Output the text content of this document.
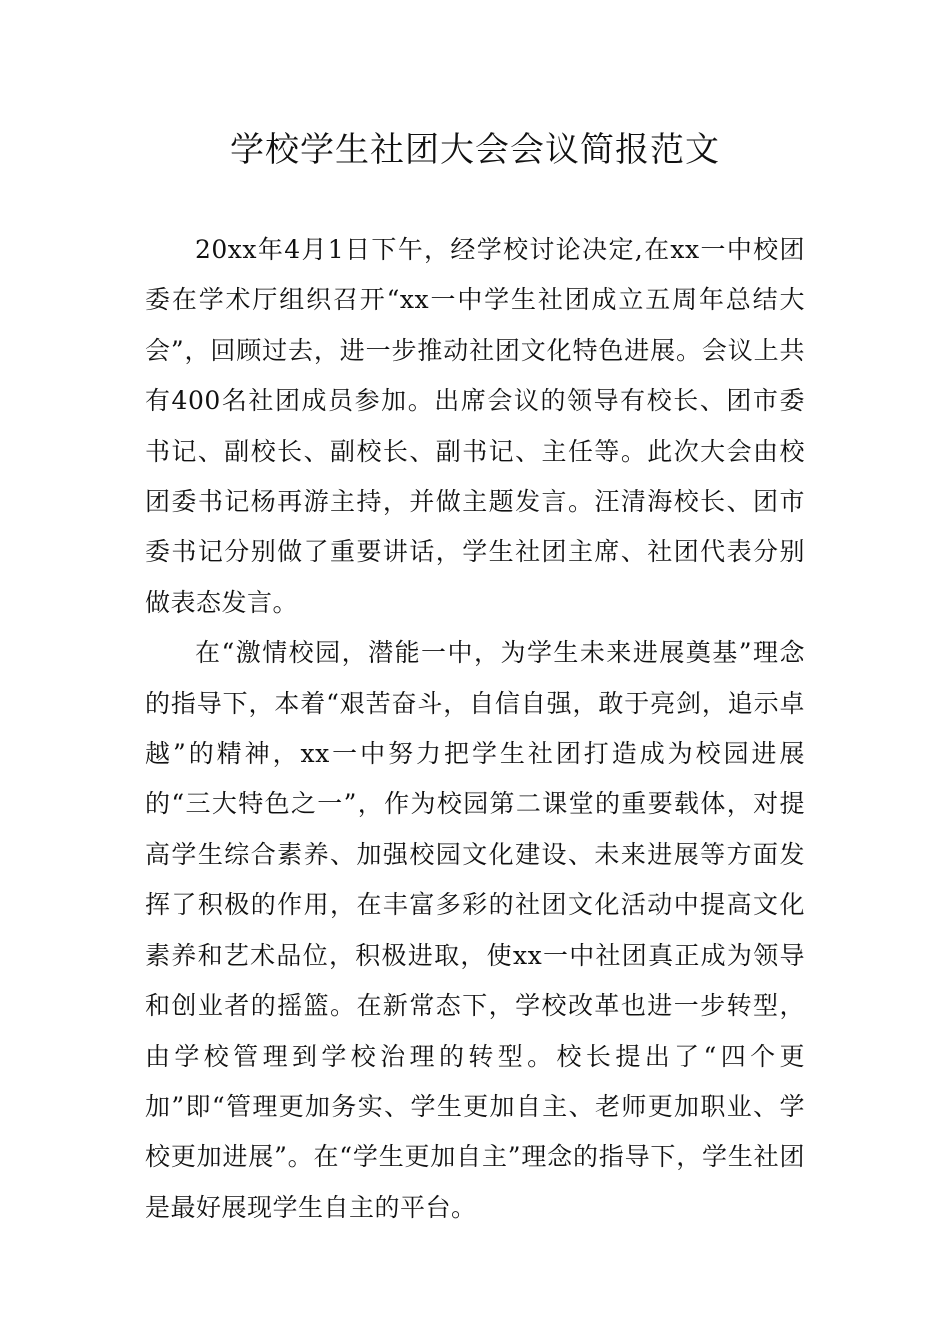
学校学生社团大会会议简报范文

20xx年4月1日下午，经学校讨论决定,在xx一中校团委在学术厅组织召开“xx一中学生社团成立五周年总结大会”，回顾过去，进一步推动社团文化特色进展。会议上共有400名社团成员参加。出席会议的领导有校长、团市委书记、副校长、副校长、副书记、主任等。此次大会由校团委书记杨再游主持，并做主题发言。汪清海校长、团市委书记分别做了重要讲话，学生社团主席、社团代表分别做表态发言。

在“激情校园，潜能一中，为学生未来进展奠基”理念的指导下，本着“艰苦奋斗，自信自强，敢于亮剑，追示卓越”的精神，xx一中努力把学生社团打造成为校园进展的“三大特色之一”，作为校园第二课堂的重要载体，对提高学生综合素养、加强校园文化建设、未来进展等方面发挥了积极的作用，在丰富多彩的社团文化活动中提高文化素养和艺术品位，积极进取，使xx一中社团真正成为领导和创业者的摇篮。在新常态下，学校改革也进一步转型，由学校管理到学校治理的转型。校长提出了“四个更加”即“管理更加务实、学生更加自主、老师更加职业、学校更加进展”。在“学生更加自主”理念的指导下，学生社团是最好展现学生自主的平台。
